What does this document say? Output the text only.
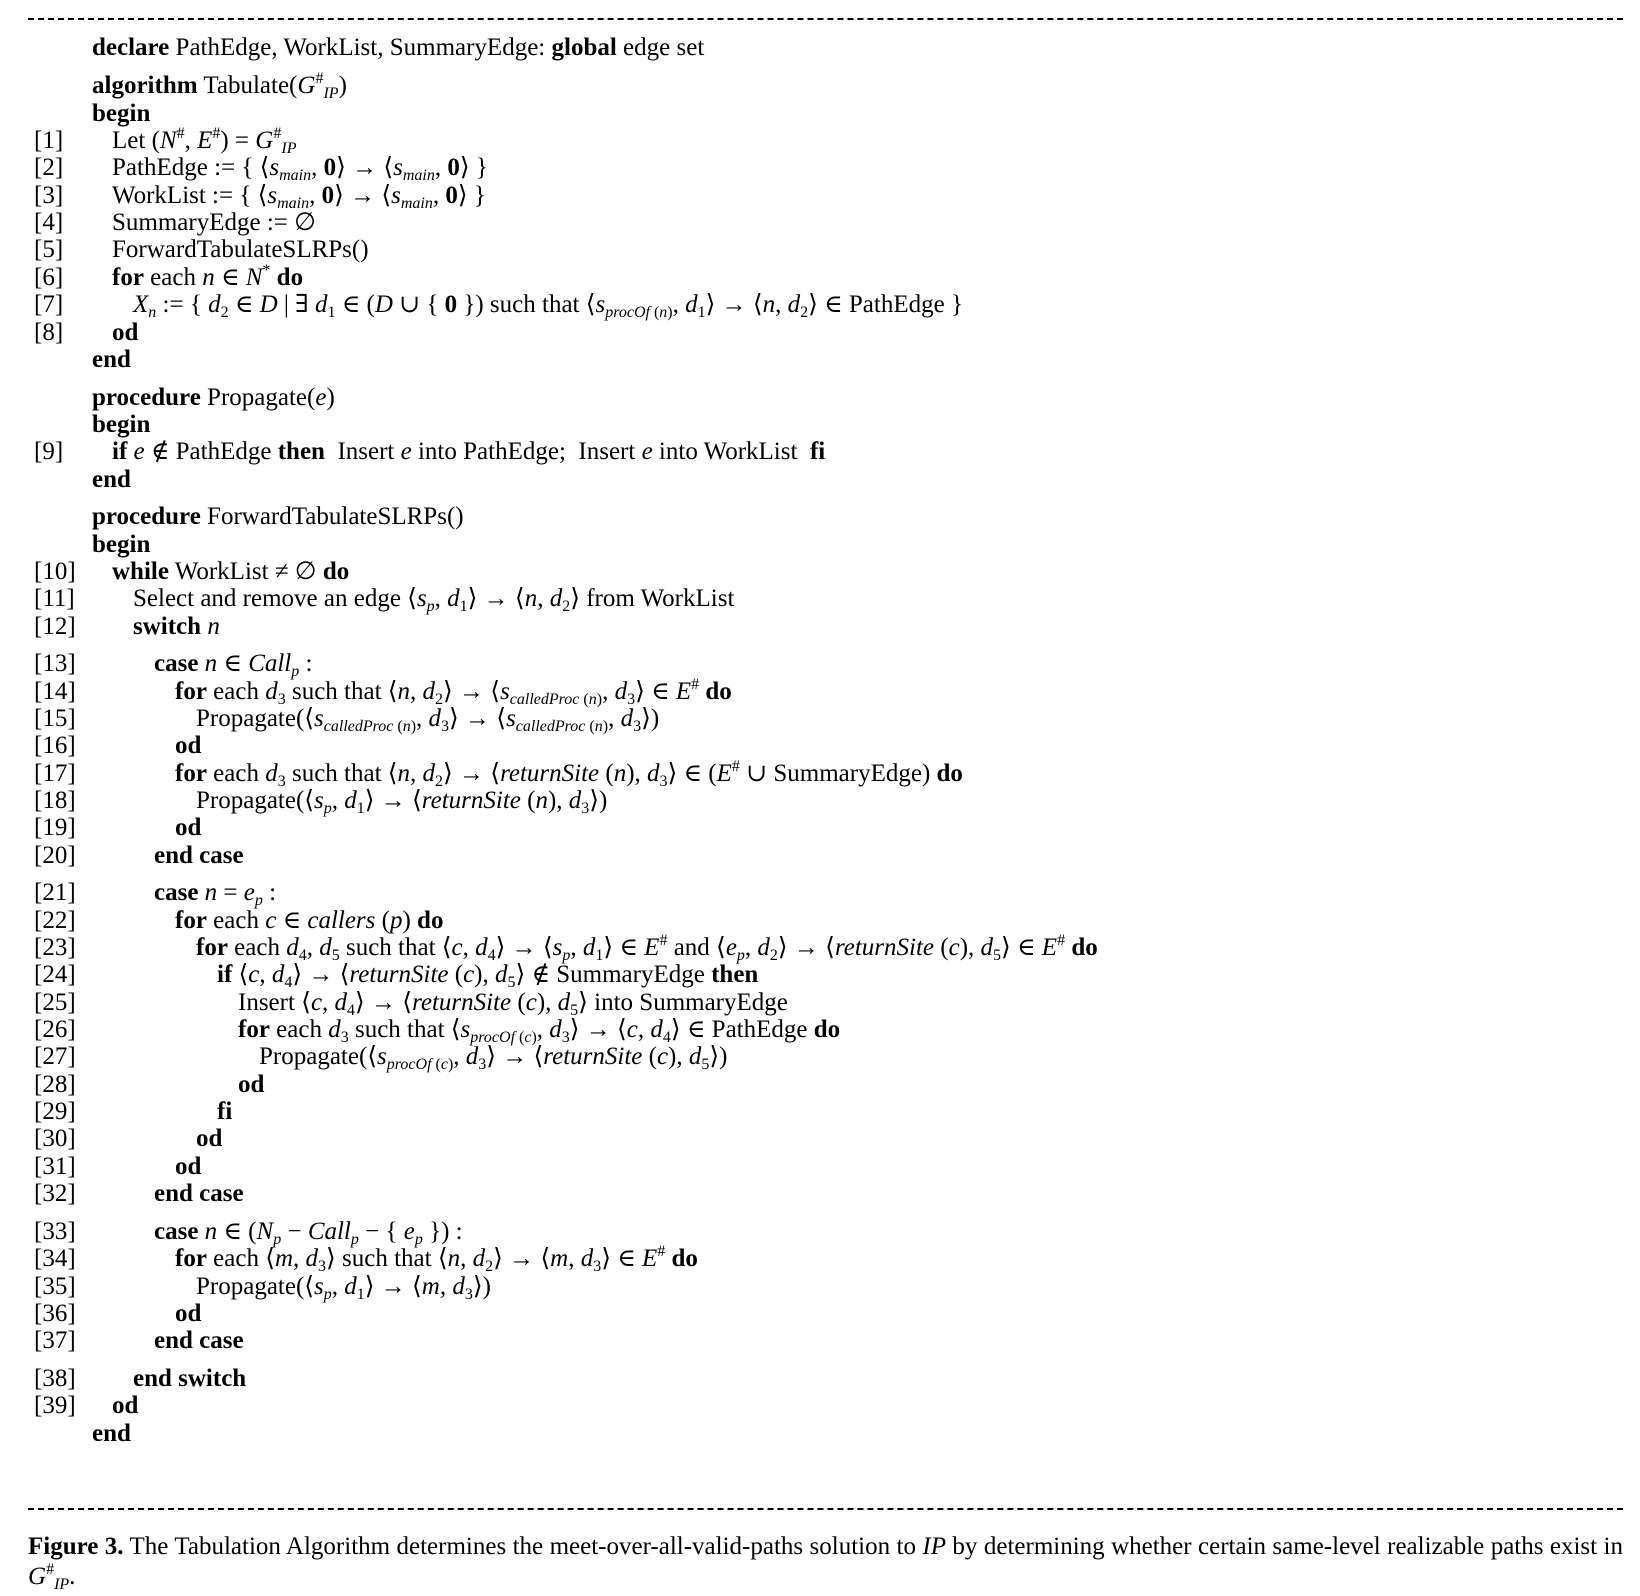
declare PathEdge, WorkList, SummaryEdge: global edge set
algorithm $Tabulate(G^{\#}_{IP})$
begin
[1] Let (N#, $E^{\#}) = G^{\#}_{IP}$
[2] PathEdge := { $⟨s_{main}$, 0⟩ → $⟨s_{main}$, 0⟩ }
[3] WorkList := { $⟨s_{main}$, 0⟩ → $⟨s_{main}$, 0⟩ }
[4] SummaryEdge := ∅
[5] ForwardTabulateSLRPs()
[6] for each n ∈ N* do
[7]	$X_n$ := { $d_2$ ∈ D | ∃ $d_1$ ∈ (D ∪ { 0 }) such that $⟨s_{procOf (n)}$, $d_1⟩$ → ⟨n, $d_2⟩$ ∈ PathEdge }
[8] od
end
procedure Propagate(e)
begin
[9] if e ∉ PathEdge then  Insert e into PathEdge;  Insert e into WorkList  fi
end
procedure ForwardTabulateSLRPs()
begin
[10] while WorkList ≠ ∅ do
[11] Select and remove an edge $⟨s_p$, $d_1⟩$ → ⟨n, $d_2⟩$ from WorkList
[12] switch n
[13]	case n ∈ Call$_p$ :
[14]	for each $d_3$ such that ⟨n, $d_2⟩$ → $⟨s_{calledProc (n)}$, $d_3⟩$ ∈ E# do
[15]	$Propagate(⟨s_{calledProc (n)}$, $d_3⟩$ → $⟨s_{calledProc (n)}$, $d_3⟩$)
[16]	od
[17]	for each $d_3$ such that ⟨n, $d_2⟩$ → ⟨returnSite (n), $d_3⟩$ ∈ (E# ∪ SummaryEdge) do
[18]	$Propagate(⟨s_p$, $d_1⟩$ → ⟨returnSite (n), $d_3⟩$)
[19]	od
[20]	end case
[21]	case $n = e_p$ :
[22]	for each c ∈ callers (p) do
[23]	for each $d_4$, $d_5$ such that ⟨c, $d_4⟩$ → $⟨s_p$, $d_1⟩$ ∈ E# and $⟨e_p$, $d_2⟩$ → ⟨returnSite (c), $d_5⟩$ ∈ E# do
[24]	if ⟨c, $d_4⟩$ → ⟨returnSite (c), $d_5⟩$ ∉ SummaryEdge then
[25]	Insert ⟨c, $d_4⟩$ → ⟨returnSite (c), $d_5⟩$ into SummaryEdge
[26]	for each $d_3$ such that $⟨s_{procOf (c)}$, $d_3⟩$ → ⟨c, $d_4⟩$ ∈ PathEdge do
[27]	$Propagate(⟨s_{procOf (c)}$, $d_3⟩$ → ⟨returnSite (c), $d_5⟩$)
[28]	od
[29]	fi
[30]	od
[31]	od
[32]	end case
[33]	case n ∈ ($N_p$ − Call$_p$ − { $e_p$ }) :
[34]	for each ⟨m, $d_3⟩$ such that ⟨n, $d_2⟩$ → ⟨m, $d_3⟩$ ∈ E# do
[35]	$Propagate(⟨s_p$, $d_1⟩$ → ⟨m, $d_3⟩$)
[36]	od
[37]	end case
[38] end switch
[39] od
end
Figure 3. The Tabulation Algorithm determines the meet-over-all-valid-paths solution to IP by determining whether certain same-level realizable paths exist in $G^{\#}_{IP}$.
